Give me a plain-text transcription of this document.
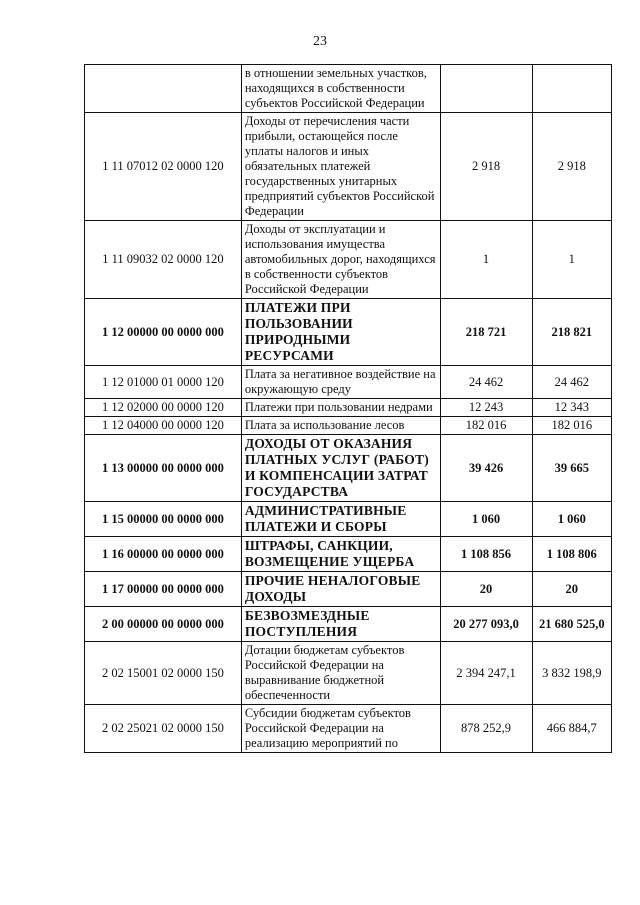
23
	в отношении земельных участков, находящихся в собственности субъектов Российской Федерации		
1 11 07012 02 0000 120	Доходы от перечисления части прибыли, остающейся после уплаты налогов и иных обязательных платежей государственных унитарных предприятий субъектов Российской Федерации	2 918	2 918
1 11 09032 02 0000 120	Доходы от эксплуатации и использования имущества автомобильных дорог, находящихся в собственности субъектов Российской Федерации	1	1
1 12 00000 00 0000 000	ПЛАТЕЖИ ПРИ ПОЛЬЗОВАНИИ ПРИРОДНЫМИ РЕСУРСАМИ	218 721	218 821
1 12 01000 01 0000 120	Плата за негативное воздействие на окружающую среду	24 462	24 462
1 12 02000 00 0000 120	Платежи при пользовании недрами	12 243	12 343
1 12 04000 00 0000 120	Плата за использование лесов	182 016	182 016
1 13 00000 00 0000 000	ДОХОДЫ ОТ ОКАЗАНИЯ ПЛАТНЫХ УСЛУГ (РАБОТ) И КОМПЕНСАЦИИ ЗАТРАТ ГОСУДАРСТВА	39 426	39 665
1 15 00000 00 0000 000	АДМИНИСТРАТИВНЫЕ ПЛАТЕЖИ И СБОРЫ	1 060	1 060
1 16 00000 00 0000 000	ШТРАФЫ, САНКЦИИ, ВОЗМЕЩЕНИЕ УЩЕРБА	1 108 856	1 108 806
1 17 00000 00 0000 000	ПРОЧИЕ НЕНАЛОГОВЫЕ ДОХОДЫ	20	20
2 00 00000 00 0000 000	БЕЗВОЗМЕЗДНЫЕ ПОСТУПЛЕНИЯ	20 277 093,0	21 680 525,0
2 02 15001 02 0000 150	Дотации бюджетам субъектов Российской Федерации на выравнивание бюджетной обеспеченности	2 394 247,1	3 832 198,9
2 02 25021 02 0000 150	Субсидии бюджетам субъектов Российской Федерации на реализацию мероприятий по	878 252,9	466 884,7
